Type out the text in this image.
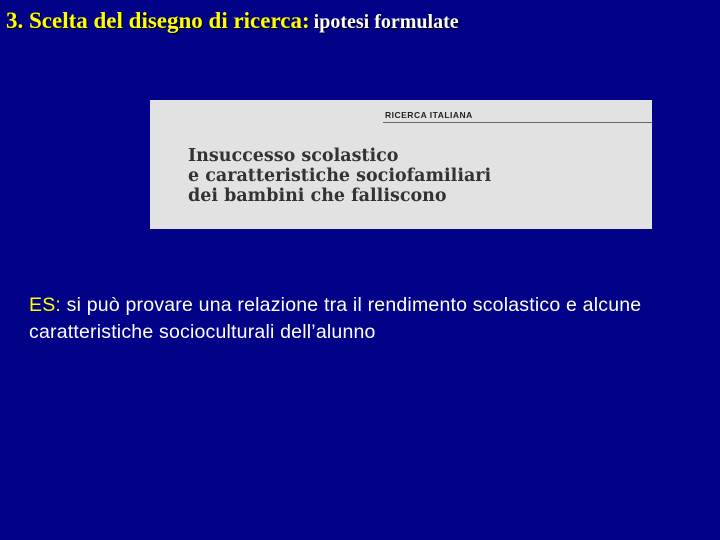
3. Scelta del disegno di ricerca: ipotesi formulate
RICERCA ITALIANA
Insuccesso scolastico
e caratteristiche sociofamiliari
dei bambini che falliscono
ES: si può provare una relazione tra il rendimento scolastico e alcune caratteristiche socioculturali dell’alunno
